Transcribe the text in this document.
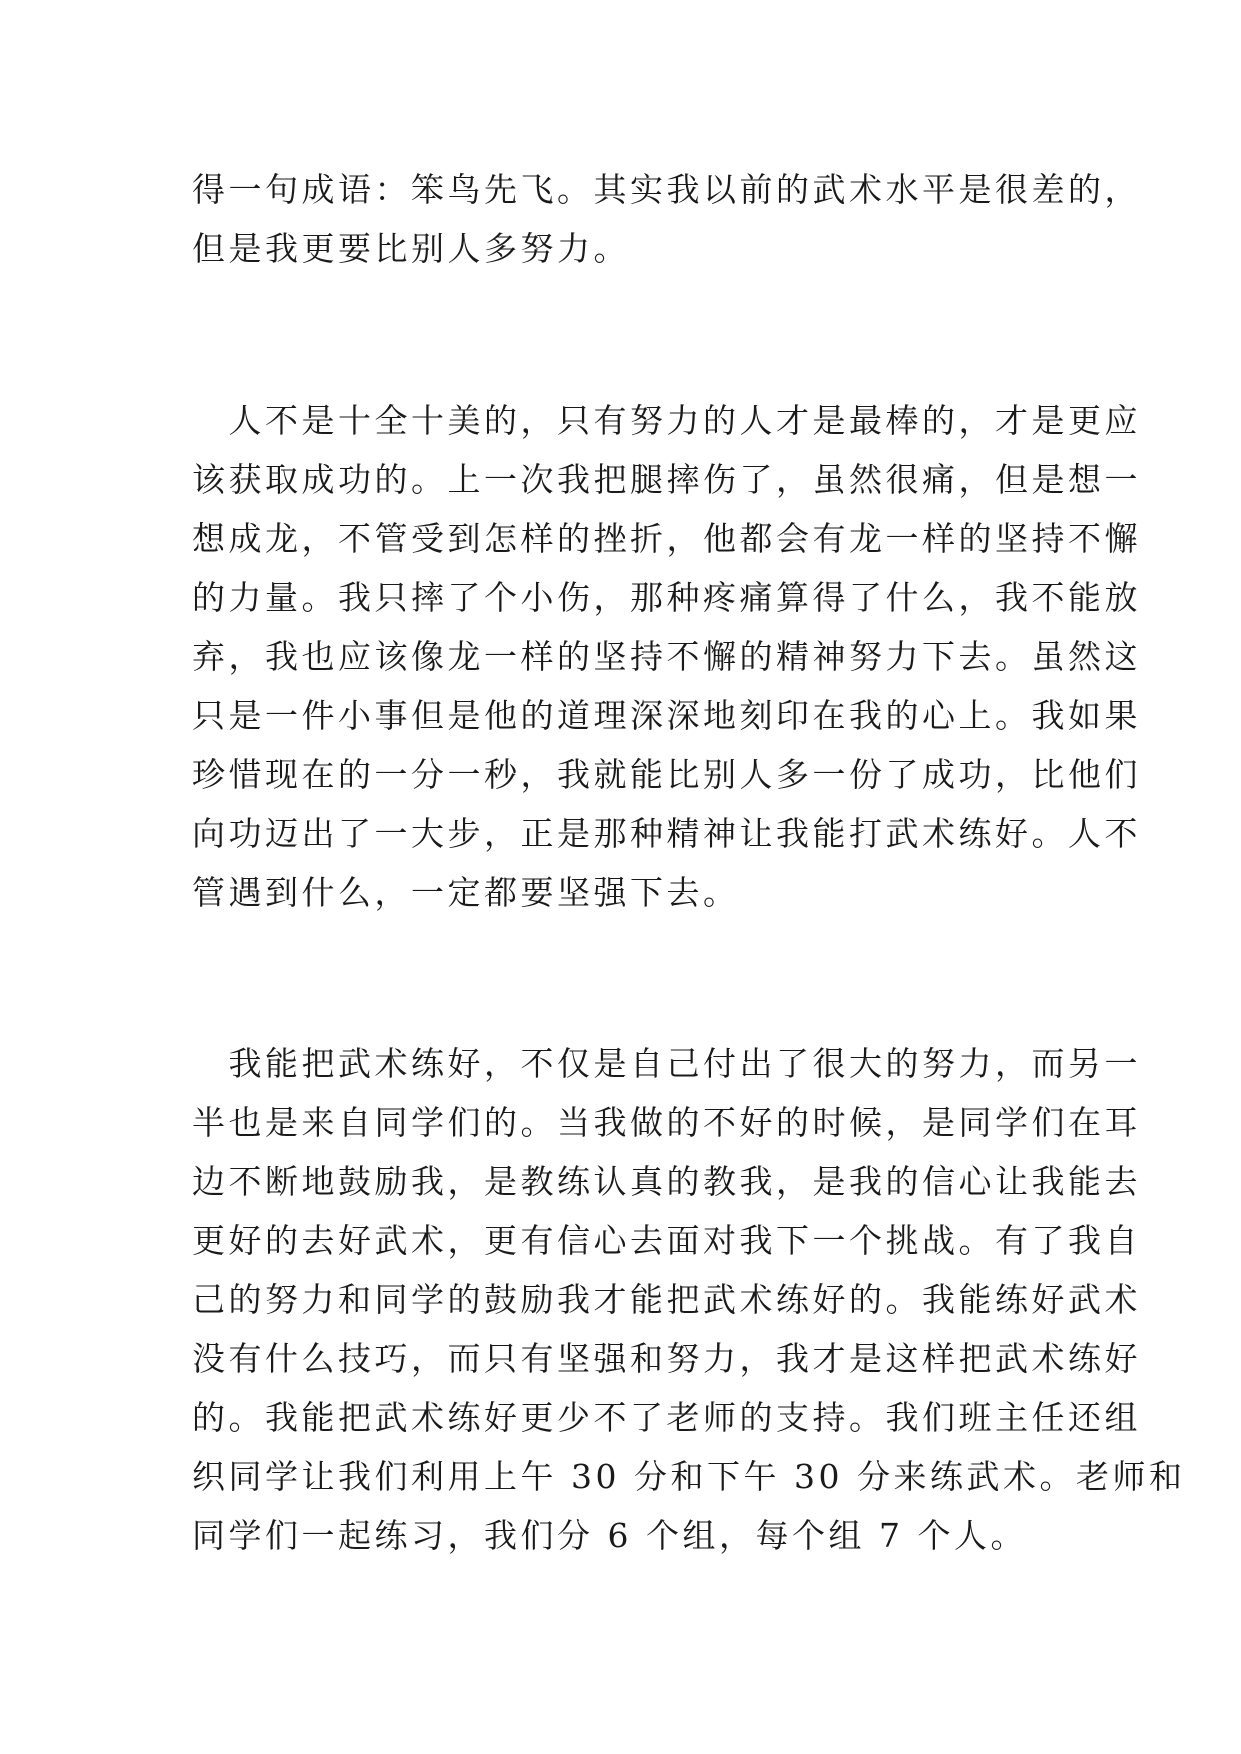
得一句成语：笨鸟先飞。其实我以前的武术水平是很差的，
但是我更要比别人多努力。
　人不是十全十美的，只有努力的人才是最棒的，才是更应
该获取成功的。上一次我把腿摔伤了，虽然很痛，但是想一
想成龙，不管受到怎样的挫折，他都会有龙一样的坚持不懈
的力量。我只摔了个小伤，那种疼痛算得了什么，我不能放
弃，我也应该像龙一样的坚持不懈的精神努力下去。虽然这
只是一件小事但是他的道理深深地刻印在我的心上。我如果
珍惜现在的一分一秒，我就能比别人多一份了成功，比他们
向功迈出了一大步，正是那种精神让我能打武术练好。人不
管遇到什么，一定都要坚强下去。
　我能把武术练好，不仅是自己付出了很大的努力，而另一
半也是来自同学们的。当我做的不好的时候，是同学们在耳
边不断地鼓励我，是教练认真的教我，是我的信心让我能去
更好的去好武术，更有信心去面对我下一个挑战。有了我自
己的努力和同学的鼓励我才能把武术练好的。我能练好武术
没有什么技巧，而只有坚强和努力，我才是这样把武术练好
的。我能把武术练好更少不了老师的支持。我们班主任还组
织同学让我们利用上午 30 分和下午 30 分来练武术。老师和
同学们一起练习，我们分 6 个组，每个组 7 个人。
